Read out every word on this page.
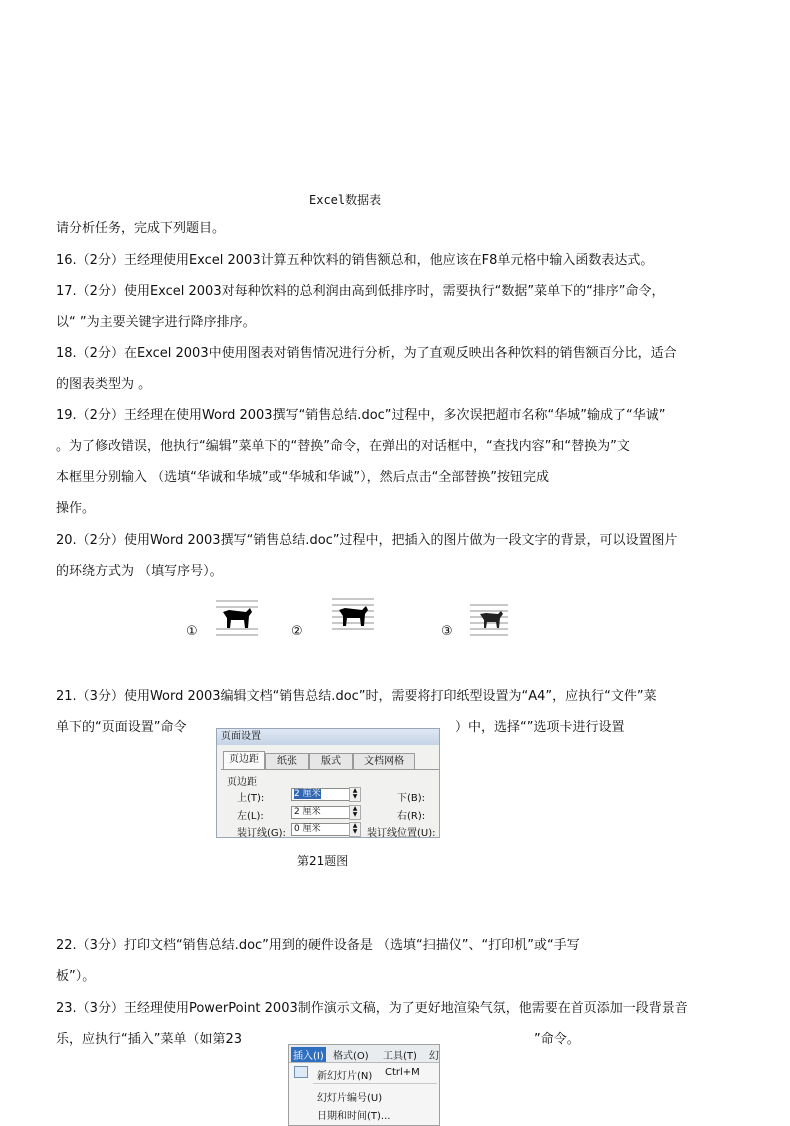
Excel数据表
请分析任务，完成下列题目。
16.（2分）王经理使用Excel 2003计算五种饮料的销售额总和，他应该在F8单元格中输入函数表达式。
17.（2分）使用Excel 2003对每种饮料的总利润由高到低排序时，需要执行“数据”菜单下的“排序”命令，
以“ ”为主要关键字进行降序排序。
18.（2分）在Excel 2003中使用图表对销售情况进行分析，为了直观反映出各种饮料的销售额百分比，适合
的图表类型为 。
19.（2分）王经理在使用Word 2003撰写“销售总结.doc”过程中，多次误把超市名称“华城”输成了“华诚”
。为了修改错误，他执行“编辑”菜单下的“替换”命令，在弹出的对话框中，“查找内容”和“替换为”文
本框里分别输入 （选填“华诚和华城”或“华城和华诚”），然后点击“全部替换”按钮完成
操作。
20.（2分）使用Word 2003撰写“销售总结.doc”过程中，把插入的图片做为一段文字的背景，可以设置图片
的环绕方式为 （填写序号）。
①	②	③
21.（3分）使用Word 2003编辑文档“销售总结.doc”时，需要将打印纸型设置为“A4”，应执行“文件”菜
单下的“页面设置”命令	）中，选择“”选项卡进行设置
页面设置
页边距	纸张	版式	文档网格
页边距
上(T):	2 厘米	▲
▼	下(B):
左(L):	2 厘米	▲
▼	右(R):
装订线(G): 0 厘米	▲
▼ 装订线位置(U):
第21题图
22.（3分）打印文档“销售总结.doc”用到的硬件设备是 （选填“扫描仪”、“打印机”或“手写
板”）。
23.（3分）王经理使用PowerPoint 2003制作演示文稿，为了更好地渲染气氛，他需要在首页添加一段背景音
乐，应执行“插入”菜单（如第23	”命令。
插入(I) 格式(O) 工具(T) 幻
新幻灯片(N) Ctrl+M
幻灯片编号(U)
日期和时间(T)...
